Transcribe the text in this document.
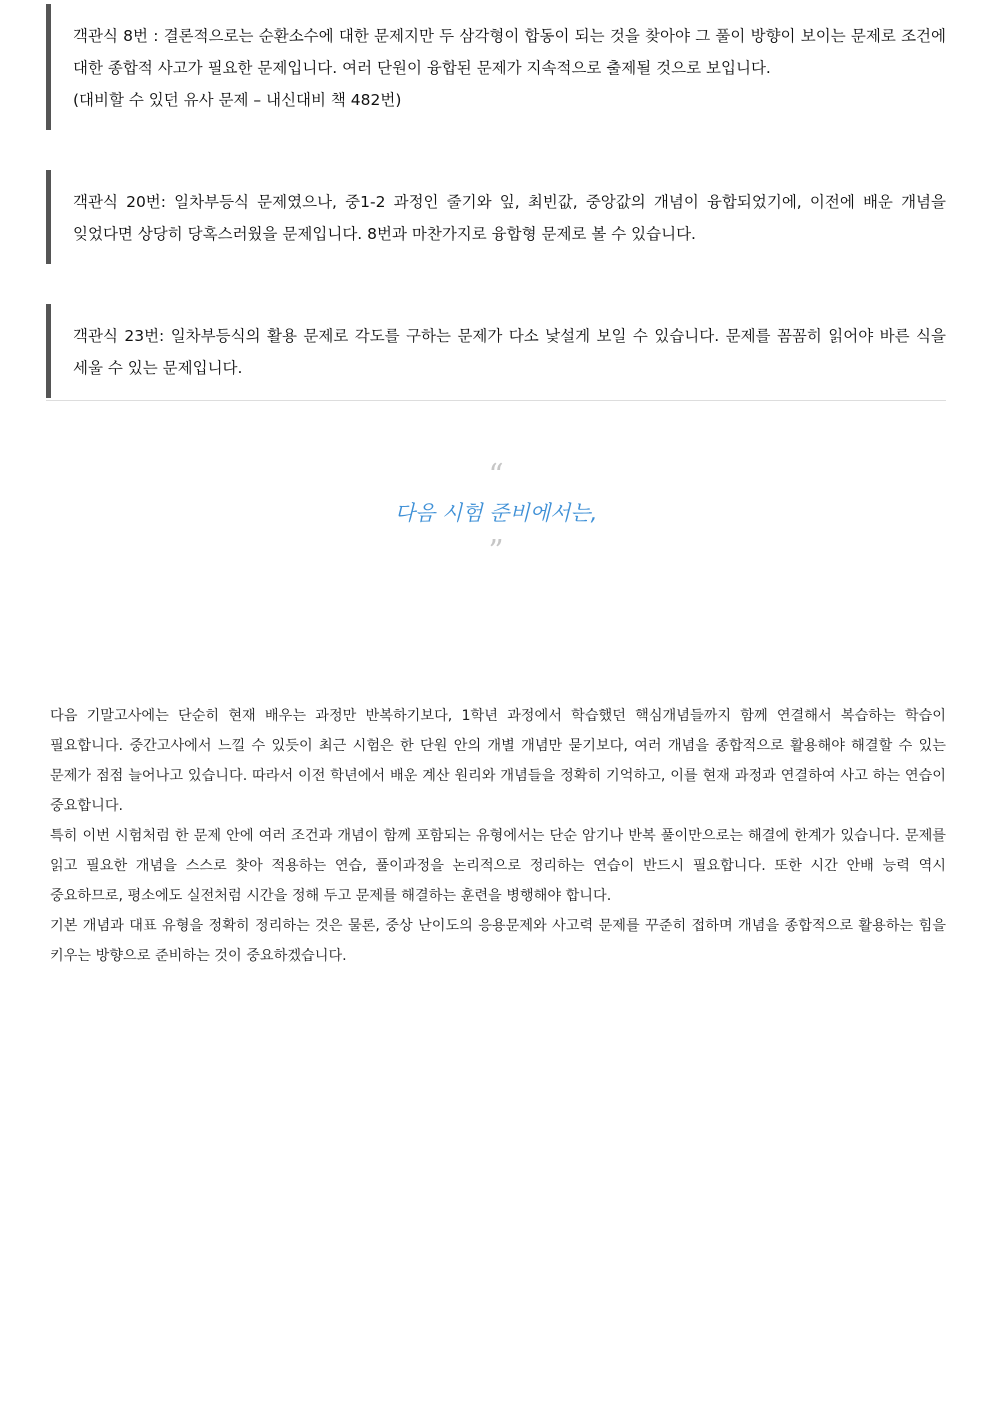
객관식 8번 : 결론적으로는 순환소수에 대한 문제지만 두 삼각형이 합동이 되는 것을 찾아야 그 풀이 방향이 보이는 문제로 조건에 대한 종합적 사고가 필요한 문제입니다. 여러 단원이 융합된 문제가 지속적으로 출제될 것으로 보입니다.

(대비할 수 있던 유사 문제 – 내신대비 책 482번)

객관식 20번: 일차부등식 문제였으나, 중1-2 과정인 줄기와 잎, 최빈값, 중앙값의 개념이 융합되었기에, 이전에 배운 개념을 잊었다면 상당히 당혹스러웠을 문제입니다. 8번과 마찬가지로 융합형 문제로 볼 수 있습니다.

객관식 23번: 일차부등식의 활용 문제로 각도를 구하는 문제가 다소 낯설게 보일 수 있습니다. 문제를 꼼꼼히 읽어야 바른 식을 세울 수 있는 문제입니다.

“
다음 시험 준비에서는,
”

다음 기말고사에는 단순히 현재 배우는 과정만 반복하기보다, 1학년 과정에서 학습했던 핵심개념들까지 함께 연결해서 복습하는 학습이 필요합니다. 중간고사에서 느낄 수 있듯이 최근 시험은 한 단원 안의 개별 개념만 묻기보다, 여러 개념을 종합적으로 활용해야 해결할 수 있는 문제가 점점 늘어나고 있습니다. 따라서 이전 학년에서 배운 계산 원리와 개념들을 정확히 기억하고, 이를 현재 과정과 연결하여 사고 하는 연습이 중요합니다.

특히 이번 시험처럼 한 문제 안에 여러 조건과 개념이 함께 포함되는 유형에서는 단순 암기나 반복 풀이만으로는 해결에 한계가 있습니다. 문제를 읽고 필요한 개념을 스스로 찾아 적용하는 연습, 풀이과정을 논리적으로 정리하는 연습이 반드시 필요합니다. 또한 시간 안배 능력 역시 중요하므로, 평소에도 실전처럼 시간을 정해 두고 문제를 해결하는 훈련을 병행해야 합니다.

기본 개념과 대표 유형을 정확히 정리하는 것은 물론, 중상 난이도의 응용문제와 사고력 문제를 꾸준히 접하며 개념을 종합적으로 활용하는 힘을 키우는 방향으로 준비하는 것이 중요하겠습니다.
